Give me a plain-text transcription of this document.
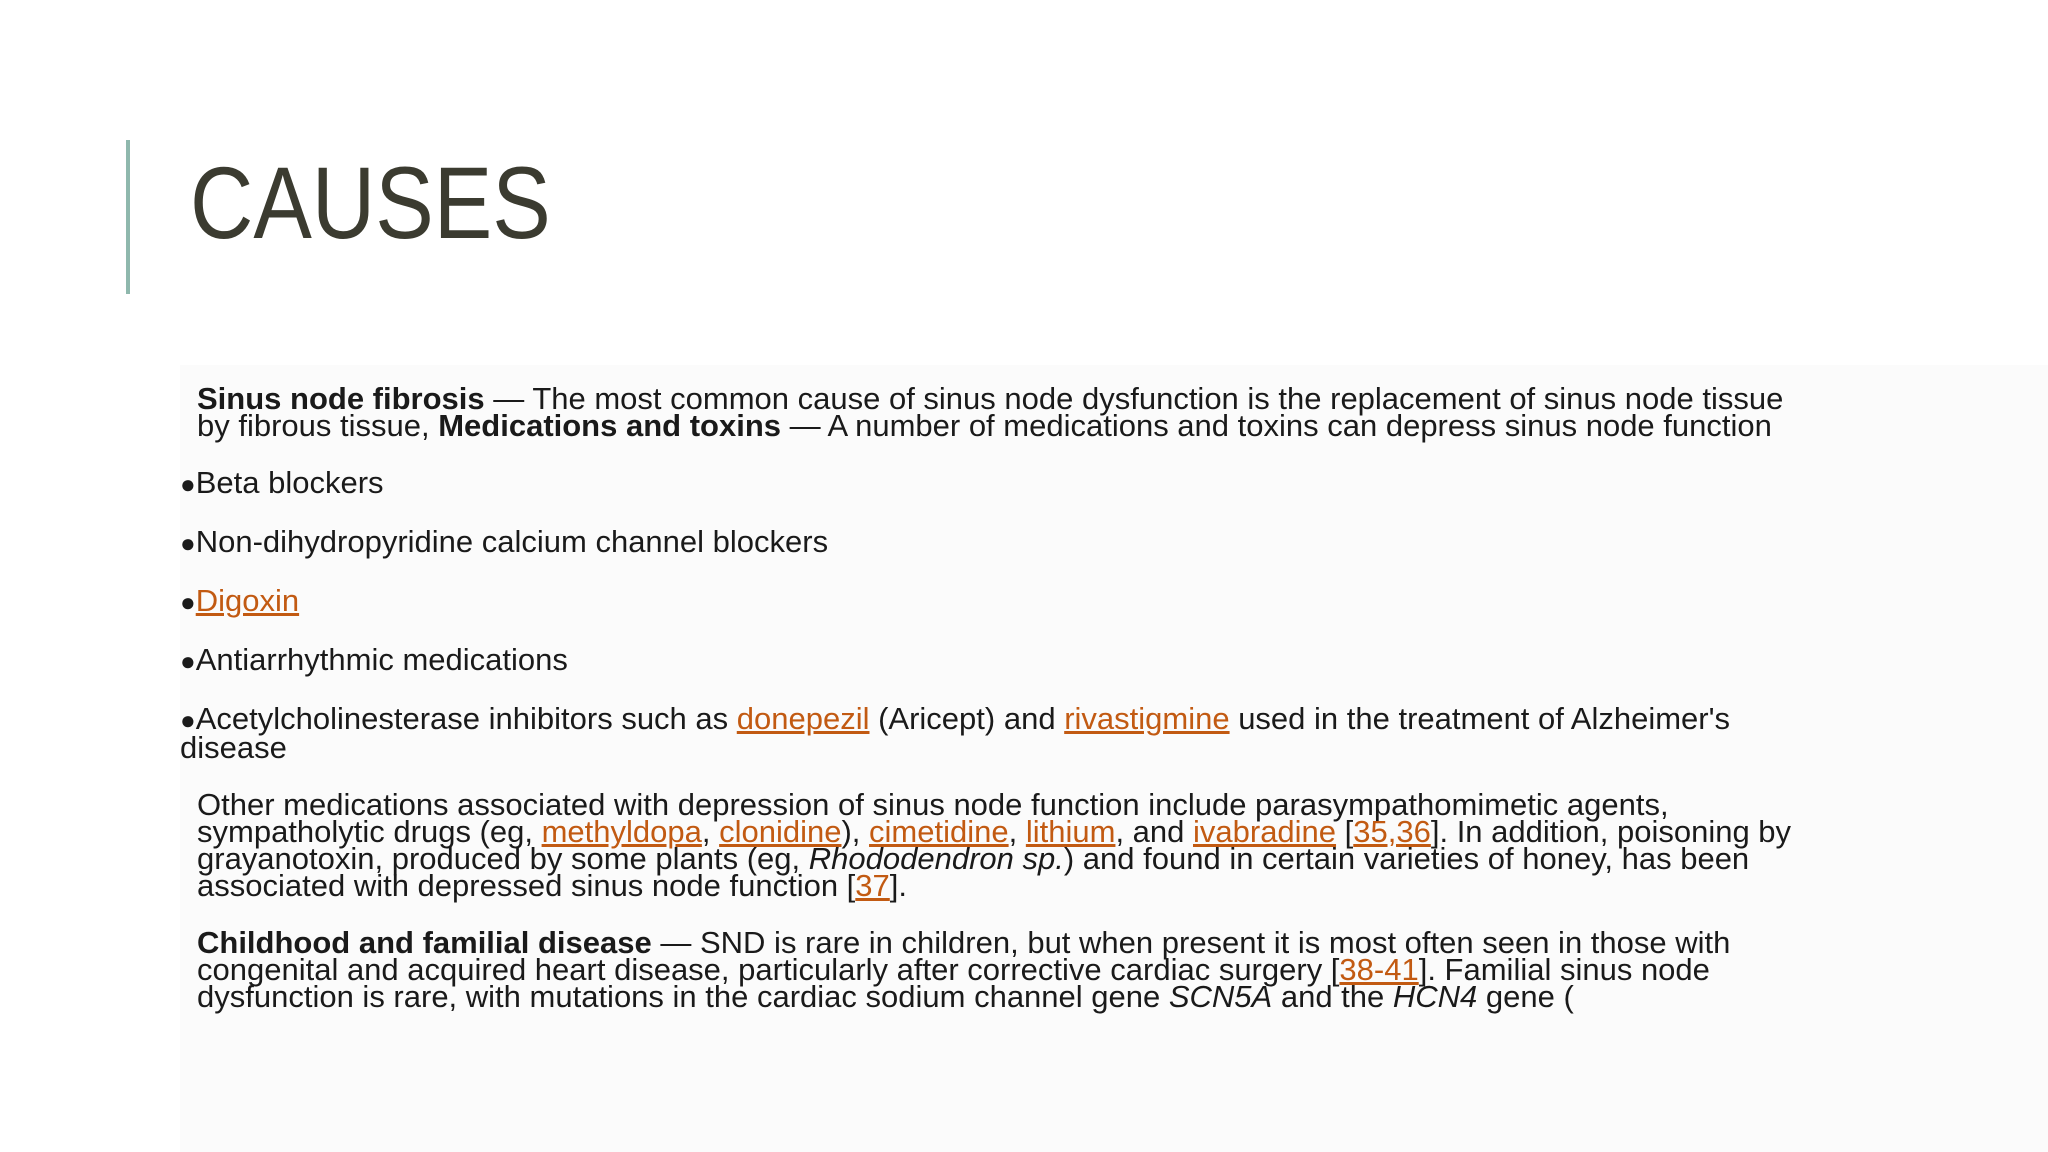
CAUSES

Sinus node fibrosis — The most common cause of sinus node dysfunction is the replacement of sinus node tissue by fibrous tissue, Medications and toxins — A number of medications and toxins can depress sinus node function

●Beta blockers

●Non-dihydropyridine calcium channel blockers

●Digoxin

●Antiarrhythmic medications

●Acetylcholinesterase inhibitors such as donepezil (Aricept) and rivastigmine used in the treatment of Alzheimer's disease

Other medications associated with depression of sinus node function include parasympathomimetic agents, sympatholytic drugs (eg, methyldopa, clonidine), cimetidine, lithium, and ivabradine [35,36]. In addition, poisoning by grayanotoxin, produced by some plants (eg, Rhododendron sp.) and found in certain varieties of honey, has been associated with depressed sinus node function [37].

Childhood and familial disease — SND is rare in children, but when present it is most often seen in those with congenital and acquired heart disease, particularly after corrective cardiac surgery [38-41]. Familial sinus node dysfunction is rare, with mutations in the cardiac sodium channel gene SCN5A and the HCN4 gene (
